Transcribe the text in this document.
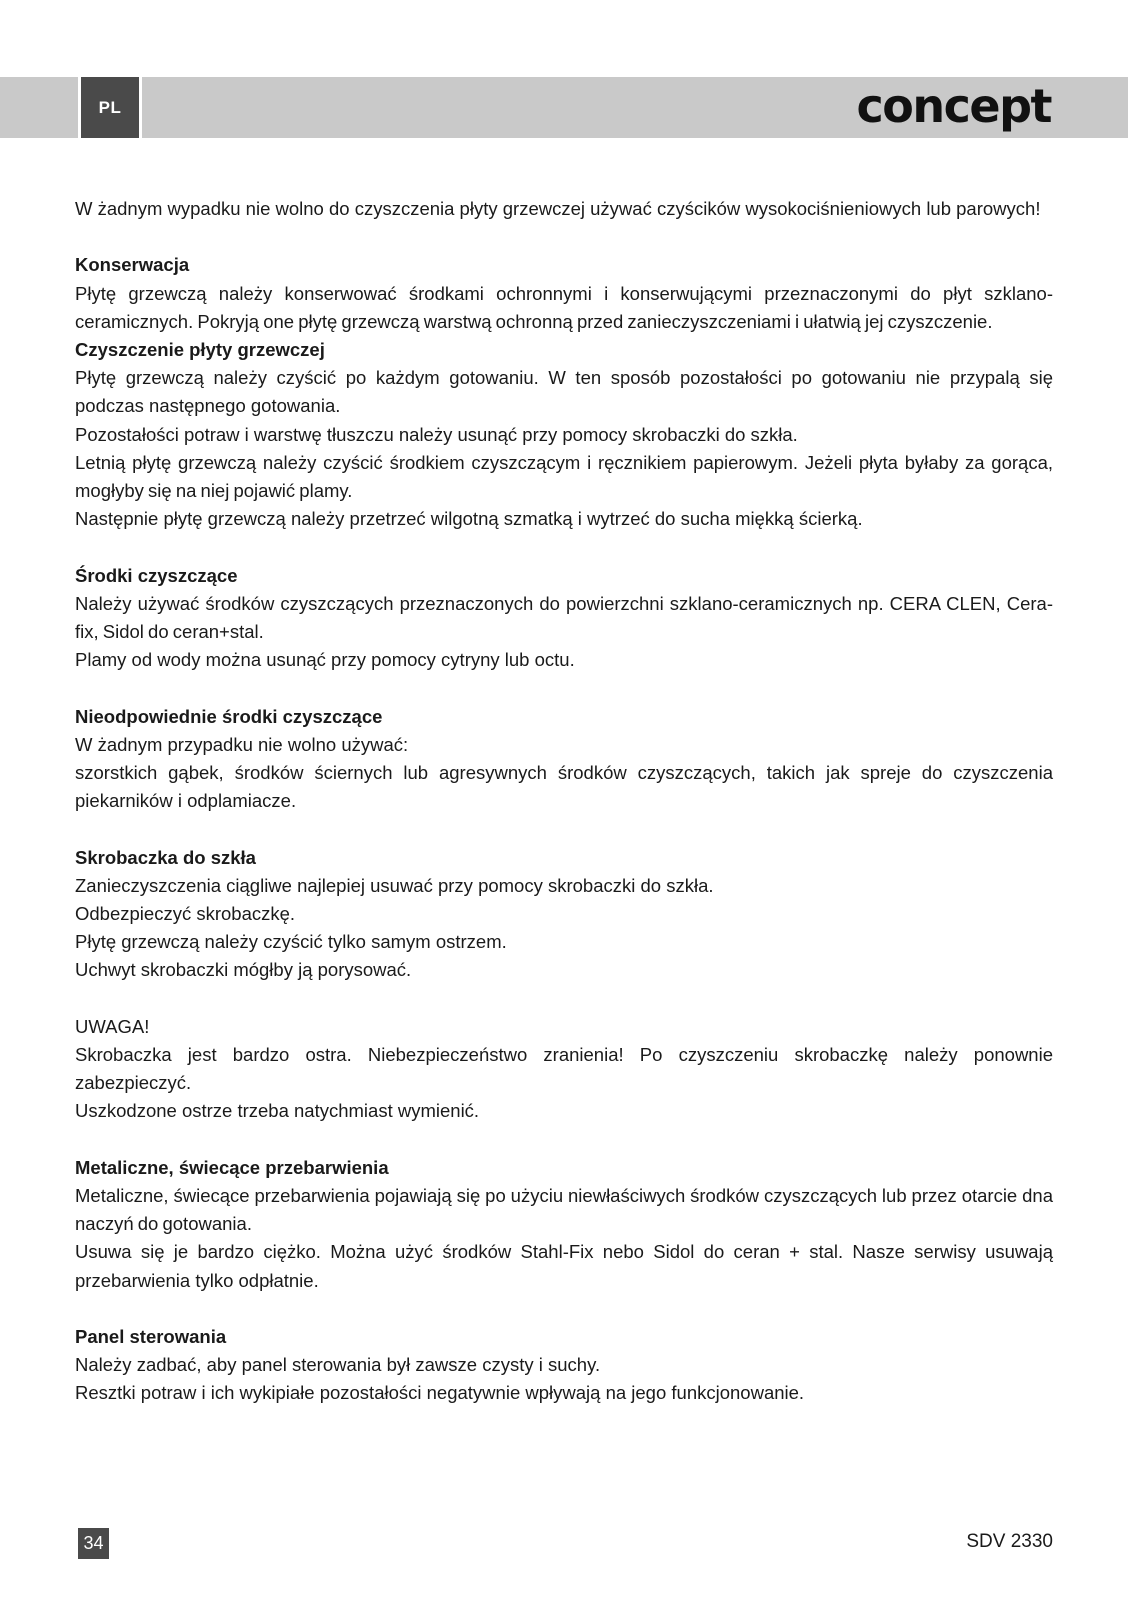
PL	concept

W żadnym wypadku nie wolno do czyszczenia płyty grzewczej używać czyścików wysokociśnieniowych lub parowych!

Konserwacja

Płytę grzewczą należy konserwować środkami ochronnymi i konserwującymi przeznaczonymi do płyt szklano-ceramicznych. Pokryją one płytę grzewczą warstwą ochronną przed zanieczyszczeniami i ułatwią jej czyszczenie.

Czyszczenie płyty grzewczej

Płytę grzewczą należy czyścić po każdym gotowaniu. W ten sposób pozostałości po gotowaniu nie przypalą się podczas następnego gotowania.

Pozostałości potraw i warstwę tłuszczu należy usunąć przy pomocy skrobaczki do szkła.

Letnią płytę grzewczą należy czyścić środkiem czyszczącym i ręcznikiem papierowym. Jeżeli płyta byłaby za gorąca, mogłyby się na niej pojawić plamy.

Następnie płytę grzewczą należy przetrzeć wilgotną szmatką i wytrzeć do sucha miękką ścierką.

Środki czyszczące

Należy używać środków czyszczących przeznaczonych do powierzchni szklano-ceramicznych np. CERA CLEN, Cera-fix, Sidol do ceran+stal.

Plamy od wody można usunąć przy pomocy cytryny lub octu.

Nieodpowiednie środki czyszczące

W żadnym przypadku nie wolno używać:

szorstkich gąbek, środków ściernych lub agresywnych środków czyszczących, takich jak spreje do czyszczenia piekarników i odplamiacze.

Skrobaczka do szkła

Zanieczyszczenia ciągliwe najlepiej usuwać przy pomocy skrobaczki do szkła.

Odbezpieczyć skrobaczkę.

Płytę grzewczą należy czyścić tylko samym ostrzem.

Uchwyt skrobaczki mógłby ją porysować.

UWAGA!

Skrobaczka jest bardzo ostra. Niebezpieczeństwo zranienia! Po czyszczeniu skrobaczkę należy ponownie zabezpieczyć.

Uszkodzone ostrze trzeba natychmiast wymienić.

Metaliczne, świecące przebarwienia

Metaliczne, świecące przebarwienia pojawiają się po użyciu niewłaściwych środków czyszczących lub przez otarcie dna naczyń do gotowania.

Usuwa się je bardzo ciężko. Można użyć środków Stahl-Fix nebo Sidol do ceran + stal. Nasze serwisy usuwają przebarwienia tylko odpłatnie.

Panel sterowania

Należy zadbać, aby panel sterowania był zawsze czysty i suchy.

Resztki potraw i ich wykipiałe pozostałości negatywnie wpływają na jego funkcjonowanie.

34	SDV 2330
